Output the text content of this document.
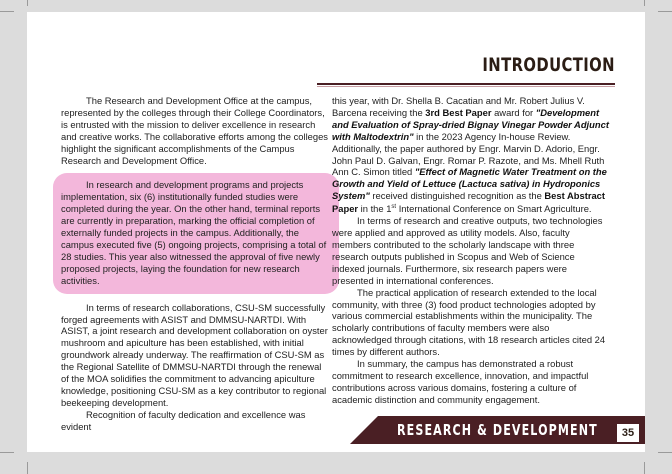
INTRODUCTION

The Research and Development Office at the campus, represented by the colleges through their College Coordinators, is entrusted with the mission to deliver excellence in research and creative works. The collaborative efforts among the colleges highlight the significant accomplishments of the Campus Research and Development Office.

In research and development programs and projects implementation, six (6) institutionally funded studies were completed during the year. On the other hand, terminal reports are currently in preparation, marking the official completion of externally funded projects in the campus. Additionally, the campus executed five (5) ongoing projects, comprising a total of 28 studies. This year also witnessed the approval of five newly proposed projects, laying the foundation for new research activities.

In terms of research collaborations, CSU-SM successfully forged agreements with ASIST and DMMSU-NARTDI. With ASIST, a joint research and development collaboration on oyster mushroom and apiculture has been established, with initial groundwork already underway. The reaffirmation of CSU-SM as the Regional Satellite of DMMSU-NARTDI through the renewal of the MOA solidifies the commitment to advancing apiculture knowledge, positioning CSU-SM as a key contributor to regional beekeeping development.

Recognition of faculty dedication and excellence was evident

this year, with Dr. Shella B. Cacatian and Mr. Robert Julius V. Barcena receiving the 3rd Best Paper award for "Development and Evaluation of Spray-dried Bignay Vinegar Powder Adjunct with Maltodextrin" in the 2023 Agency In-house Review. Additionally, the paper authored by Engr. Marvin D. Adorio, Engr. John Paul D. Galvan, Engr. Romar P. Razote, and Ms. Mhell Ruth Ann C. Simon titled "Effect of Magnetic Water Treatment on the Growth and Yield of Lettuce (Lactuca sativa) in Hydroponics System" received distinguished recognition as the Best Abstract Paper in the 1st International Conference on Smart Agriculture.

In terms of research and creative outputs, two technologies were applied and approved as utility models. Also, faculty members contributed to the scholarly landscape with three research outputs published in Scopus and Web of Science indexed journals. Furthermore, six research papers were presented in international conferences.

The practical application of research extended to the local community, with three (3) food product technologies adopted by various commercial establishments within the municipality. The scholarly contributions of faculty members were also acknowledged through citations, with 18 research articles cited 24 times by different authors.

In summary, the campus has demonstrated a robust commitment to research excellence, innovation, and impactful contributions across various domains, fostering a culture of academic distinction and community engagement.

RESEARCH & DEVELOPMENT	35
